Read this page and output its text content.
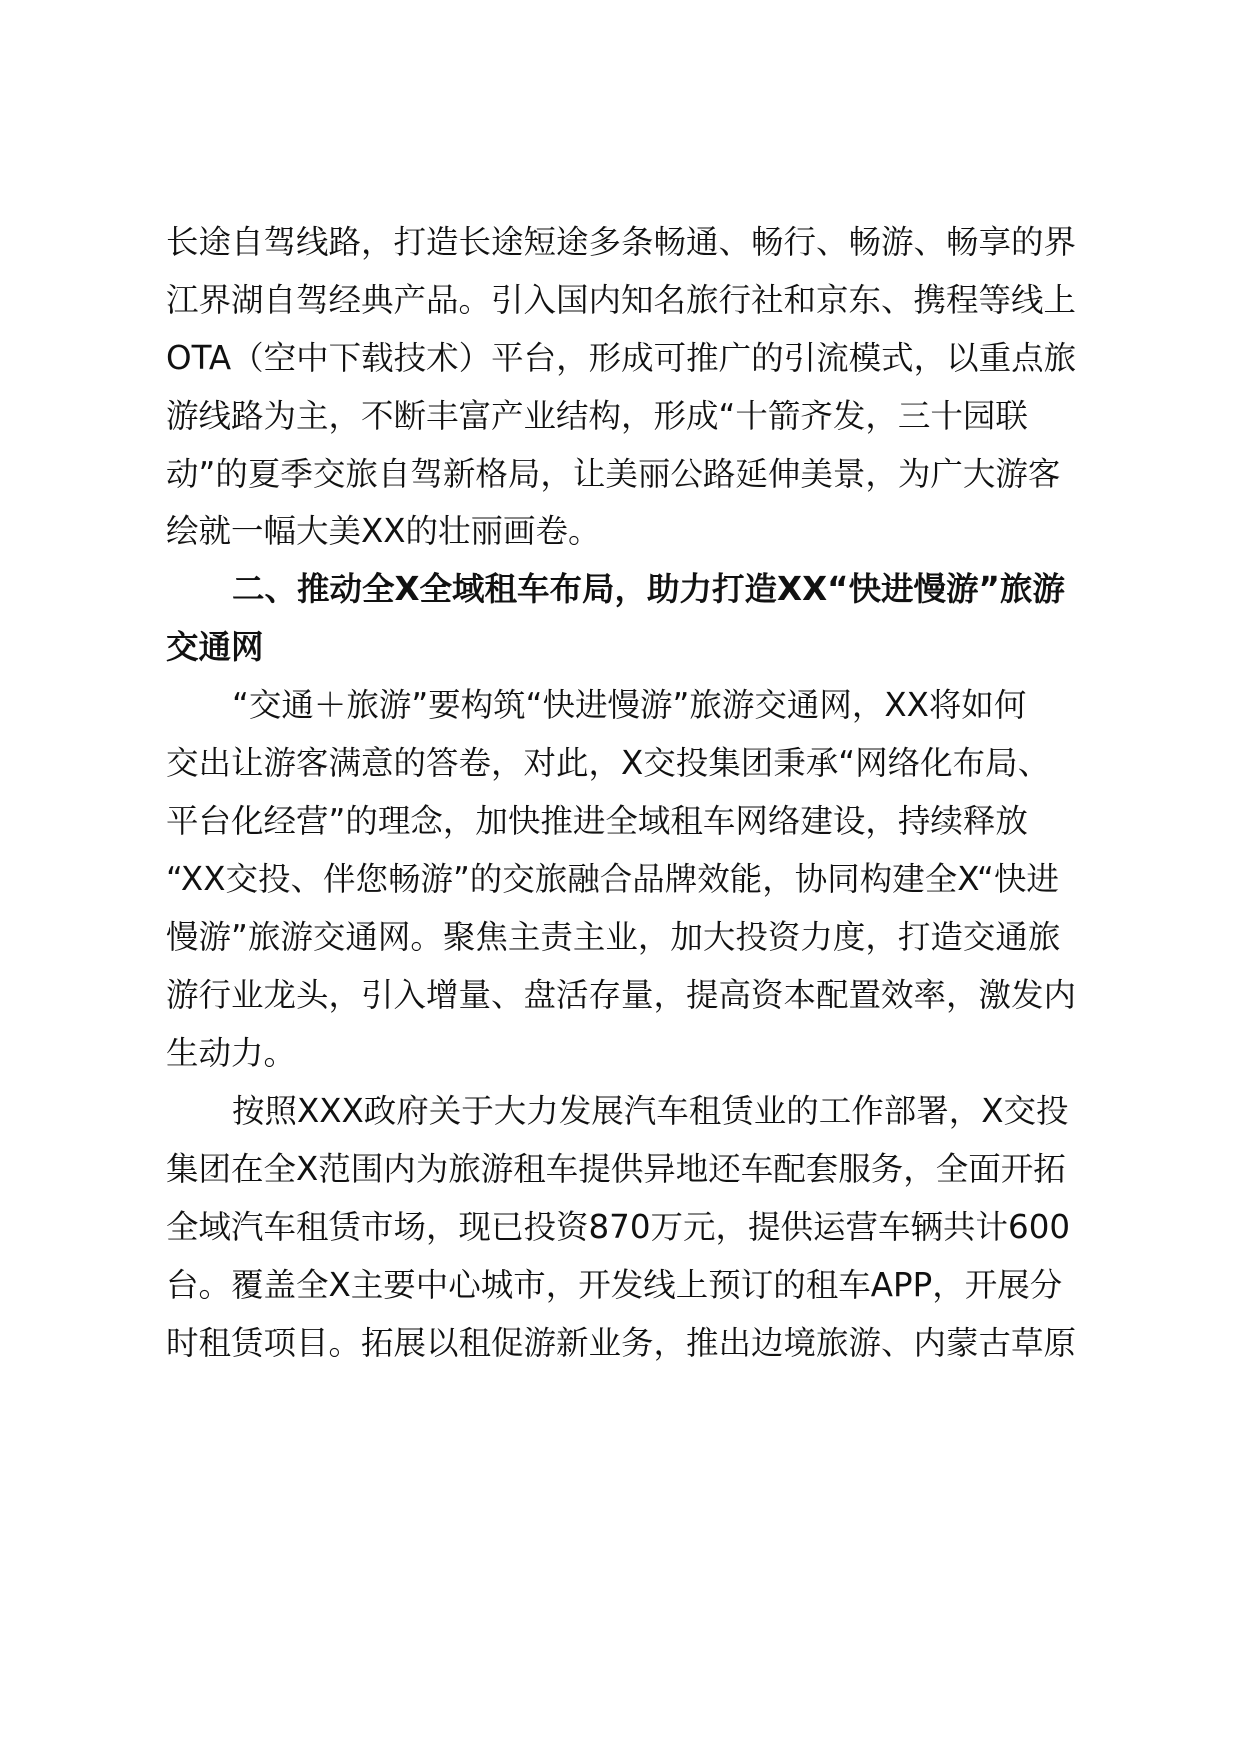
长途自驾线路，打造长途短途多条畅通、畅行、畅游、畅享的界
江界湖自驾经典产品。引入国内知名旅行社和京东、携程等线上
OTA（空中下载技术）平台，形成可推广的引流模式，以重点旅
游线路为主，不断丰富产业结构，形成“十箭齐发，三十园联
动”的夏季交旅自驾新格局，让美丽公路延伸美景，为广大游客
绘就一幅大美XX的壮丽画卷。
二、推动全X全域租车布局，助力打造XX“快进慢游”旅游
交通网
“交通＋旅游”要构筑“快进慢游”旅游交通网，XX将如何
交出让游客满意的答卷，对此，X交投集团秉承“网络化布局、
平台化经营”的理念，加快推进全域租车网络建设，持续释放
“XX交投、伴您畅游”的交旅融合品牌效能，协同构建全X“快进
慢游”旅游交通网。聚焦主责主业，加大投资力度，打造交通旅
游行业龙头，引入增量、盘活存量，提高资本配置效率，激发内
生动力。
按照XXX政府关于大力发展汽车租赁业的工作部署，X交投
集团在全X范围内为旅游租车提供异地还车配套服务，全面开拓
全域汽车租赁市场，现已投资870万元，提供运营车辆共计600
台。覆盖全X主要中心城市，开发线上预订的租车APP，开展分
时租赁项目。拓展以租促游新业务，推出边境旅游、内蒙古草原
